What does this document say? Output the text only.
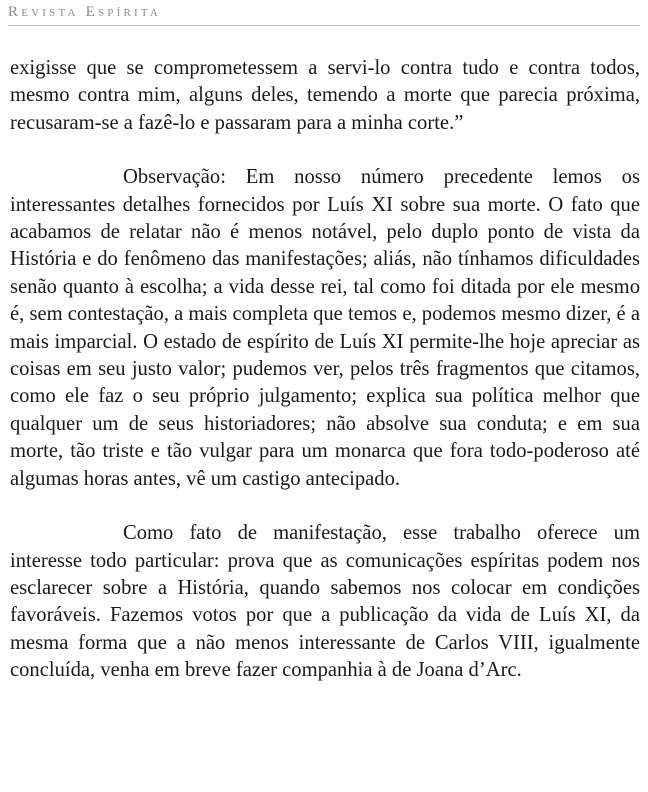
Revista Espírita

exigisse que se comprometessem a servi-lo contra tudo e contra todos, mesmo contra mim, alguns deles, temendo a morte que parecia próxima, recusaram-se a fazê-lo e passaram para a minha corte.”

Observação: Em nosso número precedente lemos os interessantes detalhes fornecidos por Luís XI sobre sua morte. O fato que acabamos de relatar não é menos notável, pelo duplo ponto de vista da História e do fenômeno das manifestações; aliás, não tínhamos dificuldades senão quanto à escolha; a vida desse rei, tal como foi ditada por ele mesmo é, sem contestação, a mais completa que temos e, podemos mesmo dizer, é a mais imparcial. O estado de espírito de Luís XI permite-lhe hoje apreciar as coisas em seu justo valor; pudemos ver, pelos três fragmentos que citamos, como ele faz o seu próprio julgamento; explica sua política melhor que qualquer um de seus historiadores; não absolve sua conduta; e em sua morte, tão triste e tão vulgar para um monarca que fora todo-poderoso até algumas horas antes, vê um castigo antecipado.

Como fato de manifestação, esse trabalho oferece um interesse todo particular: prova que as comunicações espíritas podem nos esclarecer sobre a História, quando sabemos nos colocar em condições favoráveis. Fazemos votos por que a publicação da vida de Luís XI, da mesma forma que a não menos interessante de Carlos VIII, igualmente concluída, venha em breve fazer companhia à de Joana d’Arc.
